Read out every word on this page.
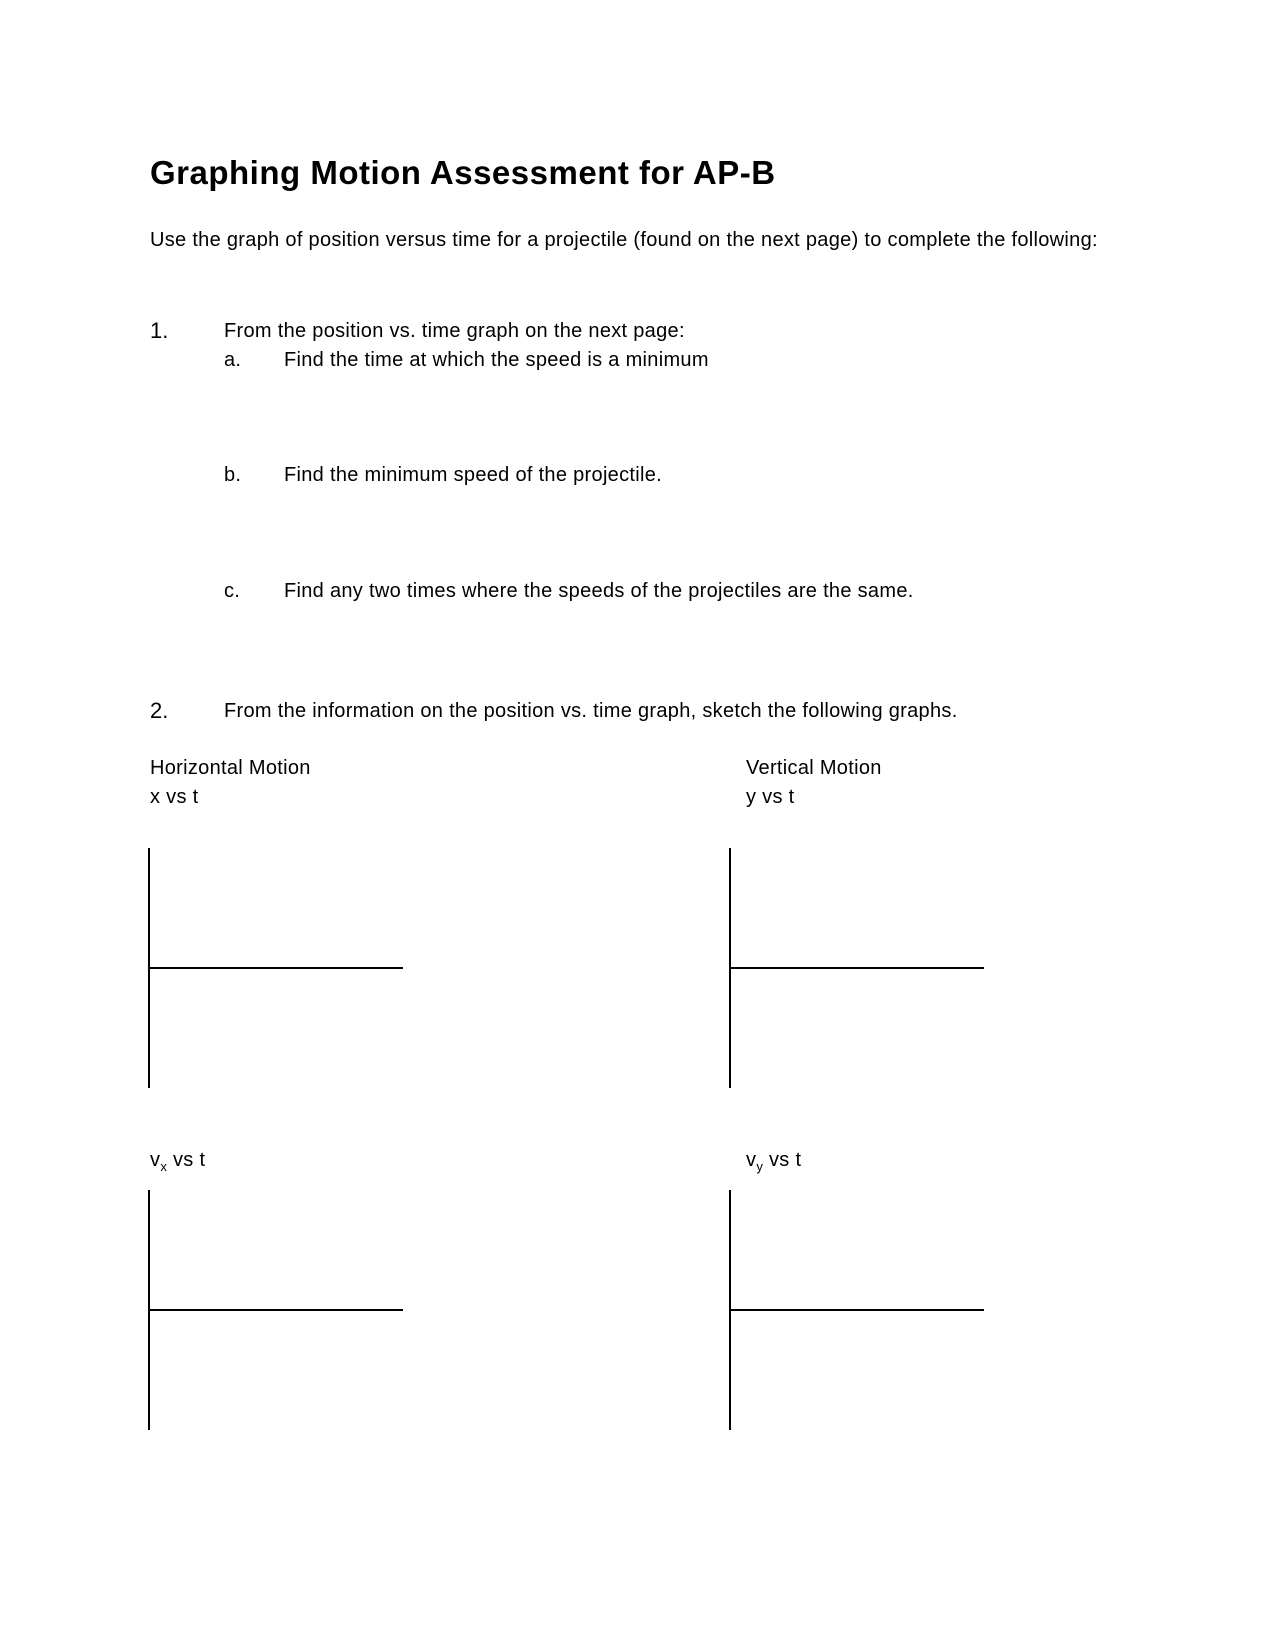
Graphing Motion Assessment for AP-B
Use the graph of position versus time for a projectile (found on the next page) to complete the following:
1.	From the position vs. time graph on the next page:
a. Find the time at which the speed is a minimum
b. Find the minimum speed of the projectile.
c. Find any two times where the speeds of the projectiles are the same.
2.	From the information on the position vs. time graph, sketch the following graphs.
Horizontal Motion
x vs t
Vertical Motion
y vs t
$v_x$ vs t	$v_y$ vs t
